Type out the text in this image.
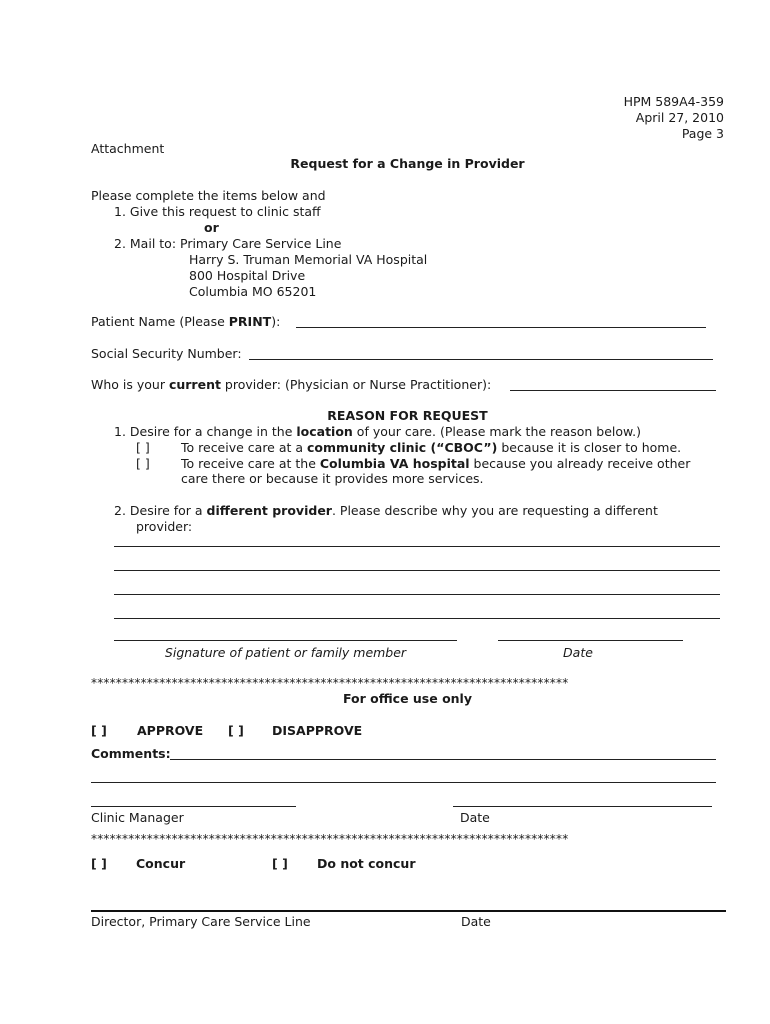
HPM 589A4-359
April 27, 2010
Page 3
Attachment
Request for a Change in Provider
Please complete the items below and
1. Give this request to clinic staff
or
2. Mail to: Primary Care Service Line
Harry S. Truman Memorial VA Hospital
800 Hospital Drive
Columbia MO 65201
Patient Name (Please PRINT):
Social Security Number:
Who is your current provider: (Physician or Nurse Practitioner):
REASON FOR REQUEST
1. Desire for a change in the location of your care. (Please mark the reason below.)
[ ]	To receive care at a community clinic (“CBOC”) because it is closer to home.
[ ]	To receive care at the Columbia VA hospital because you already receive other
care there or because it provides more services.
2. Desire for a different provider. Please describe why you are requesting a different
provider:
Signature of patient or family member	Date
*****************************************************************************
For office use only
[ ] APPROVE [ ] DISAPPROVE
Comments:
Clinic Manager	Date
*****************************************************************************
[ ] Concur	[ ] Do not concur
Director, Primary Care Service Line	Date
